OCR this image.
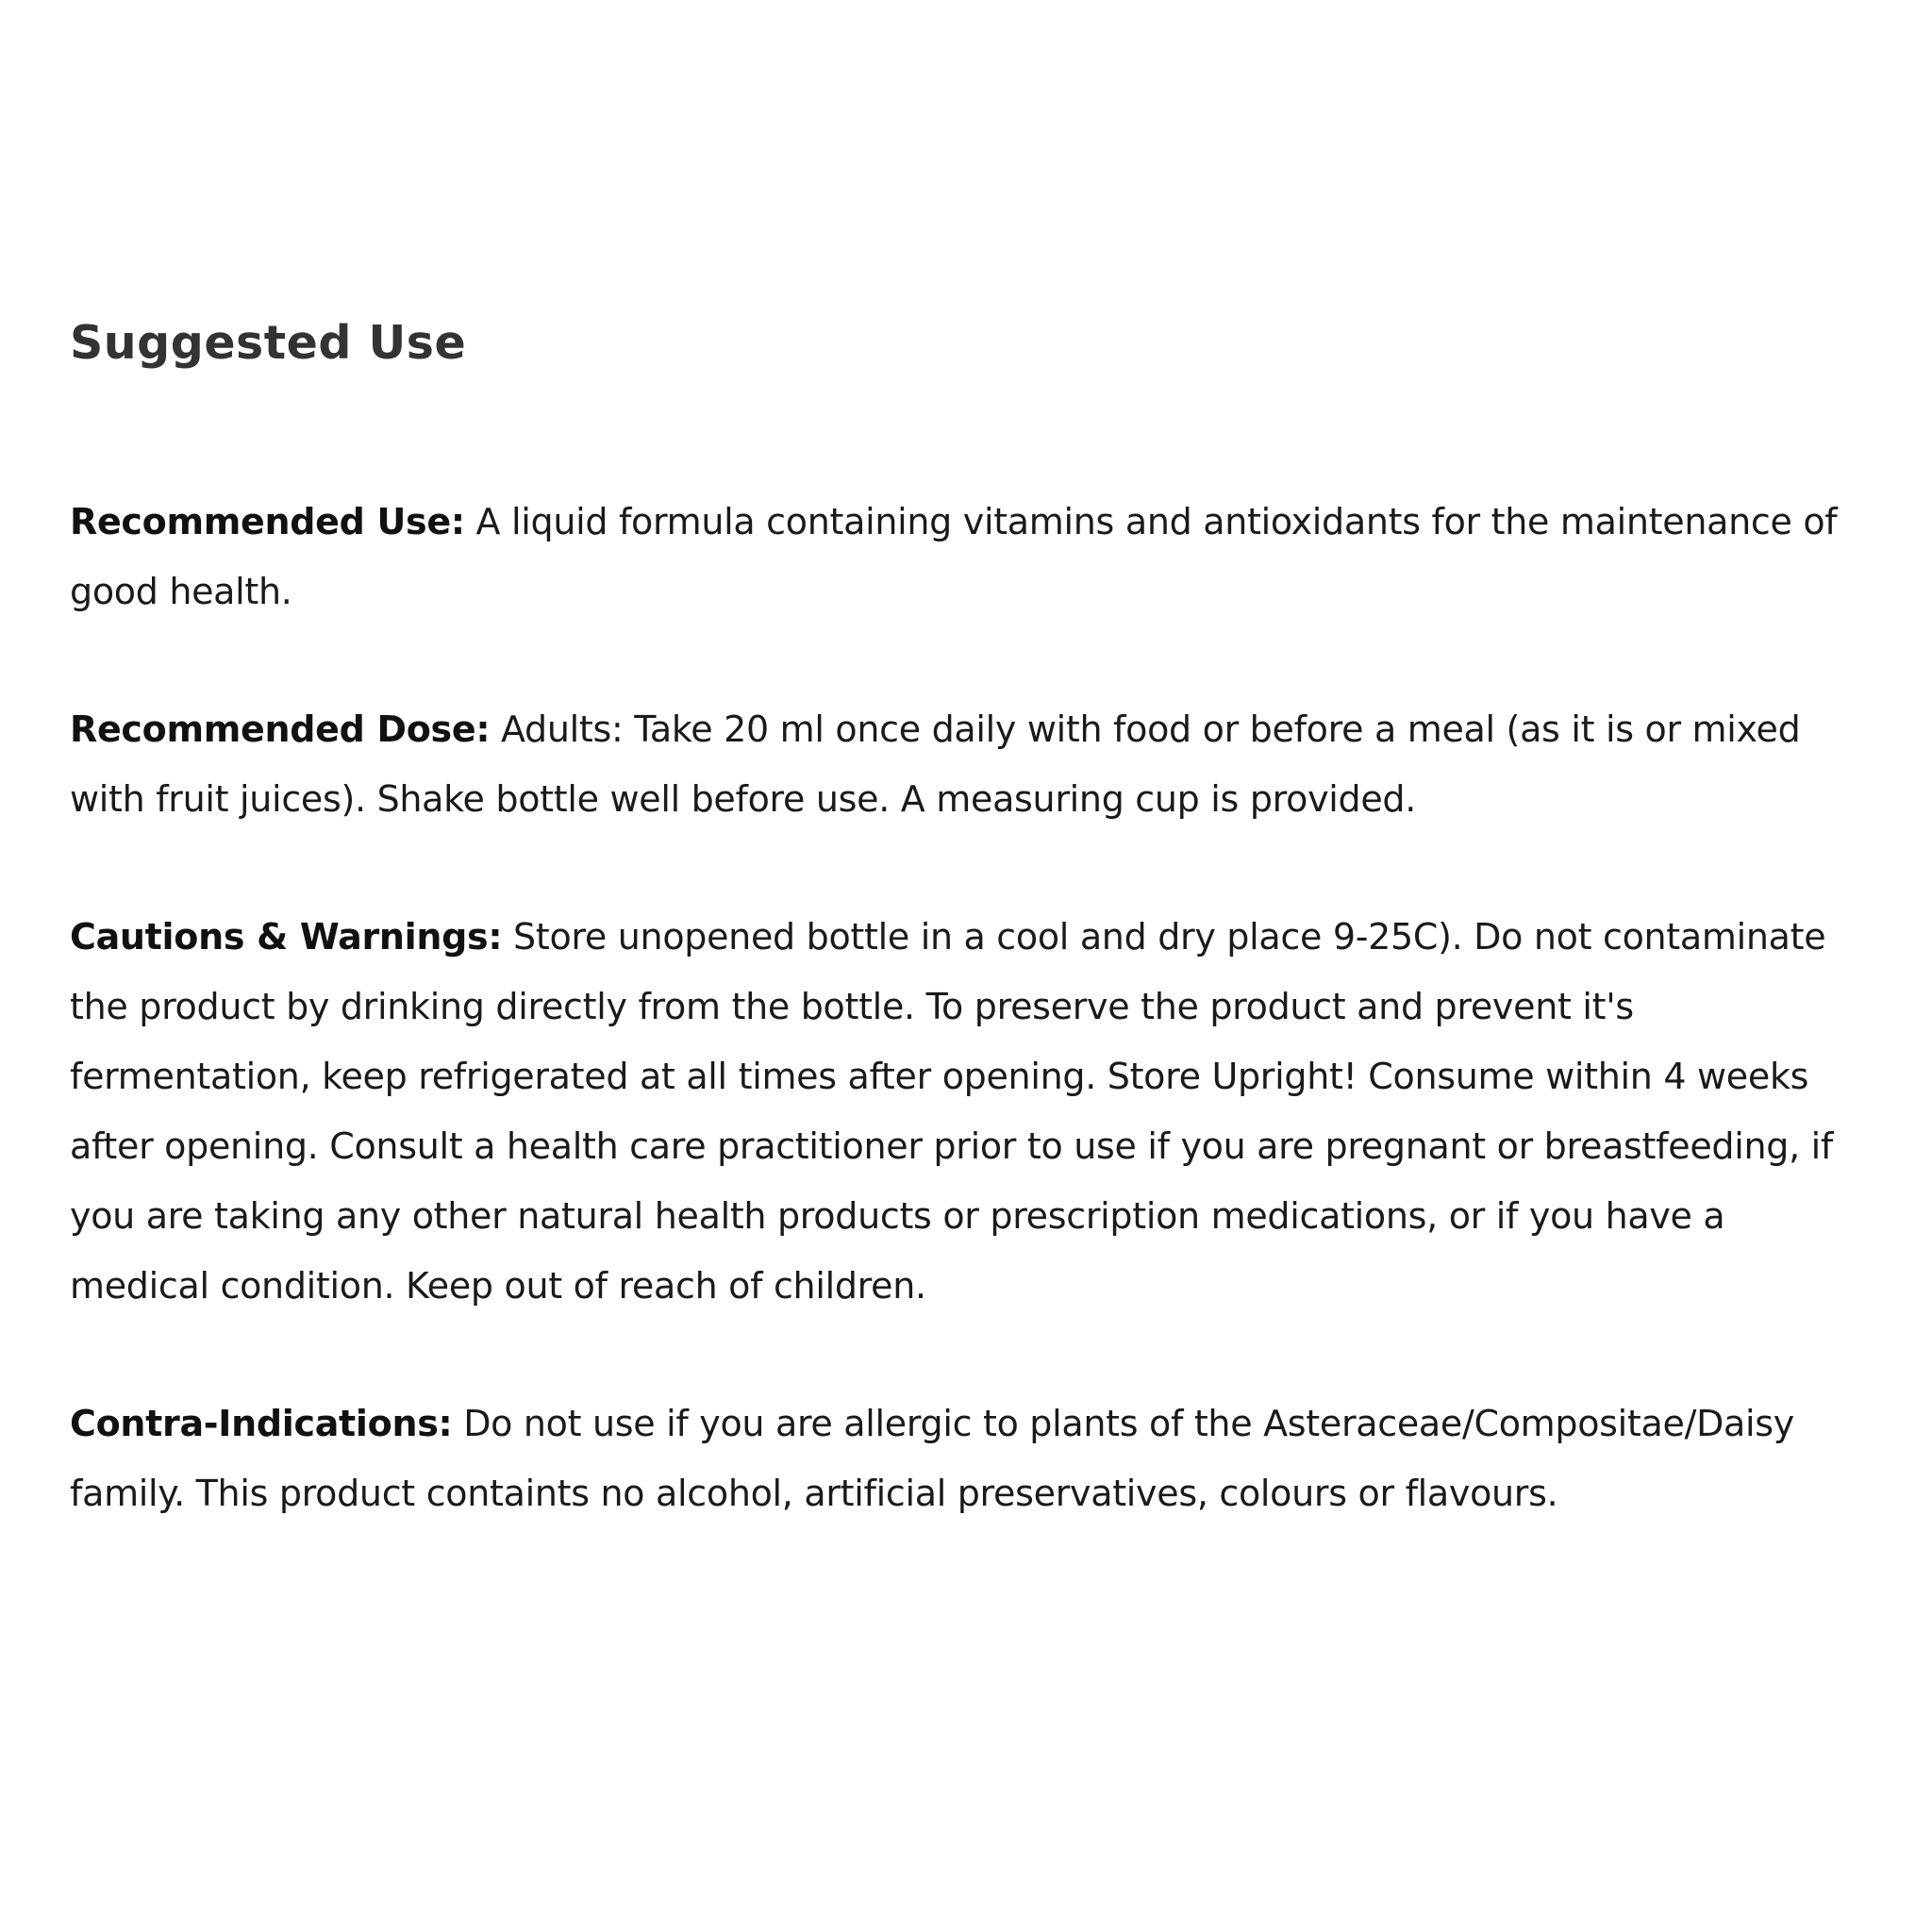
Suggested Use

Recommended Use: A liquid formula containing vitamins and antioxidants for the maintenance of good health.

Recommended Dose: Adults: Take 20 ml once daily with food or before a meal (as it is or mixed with fruit juices). Shake bottle well before use. A measuring cup is provided.

Cautions & Warnings: Store unopened bottle in a cool and dry place 9-25C). Do not contaminate the product by drinking directly from the bottle. To preserve the product and prevent it's fermentation, keep refrigerated at all times after opening. Store Upright! Consume within 4 weeks after opening. Consult a health care practitioner prior to use if you are pregnant or breastfeeding, if you are taking any other natural health products or prescription medications, or if you have a medical condition. Keep out of reach of children.

Contra-Indications: Do not use if you are allergic to plants of the Asteraceae/Compositae/Daisy family. This product containts no alcohol, artificial preservatives, colours or flavours.
